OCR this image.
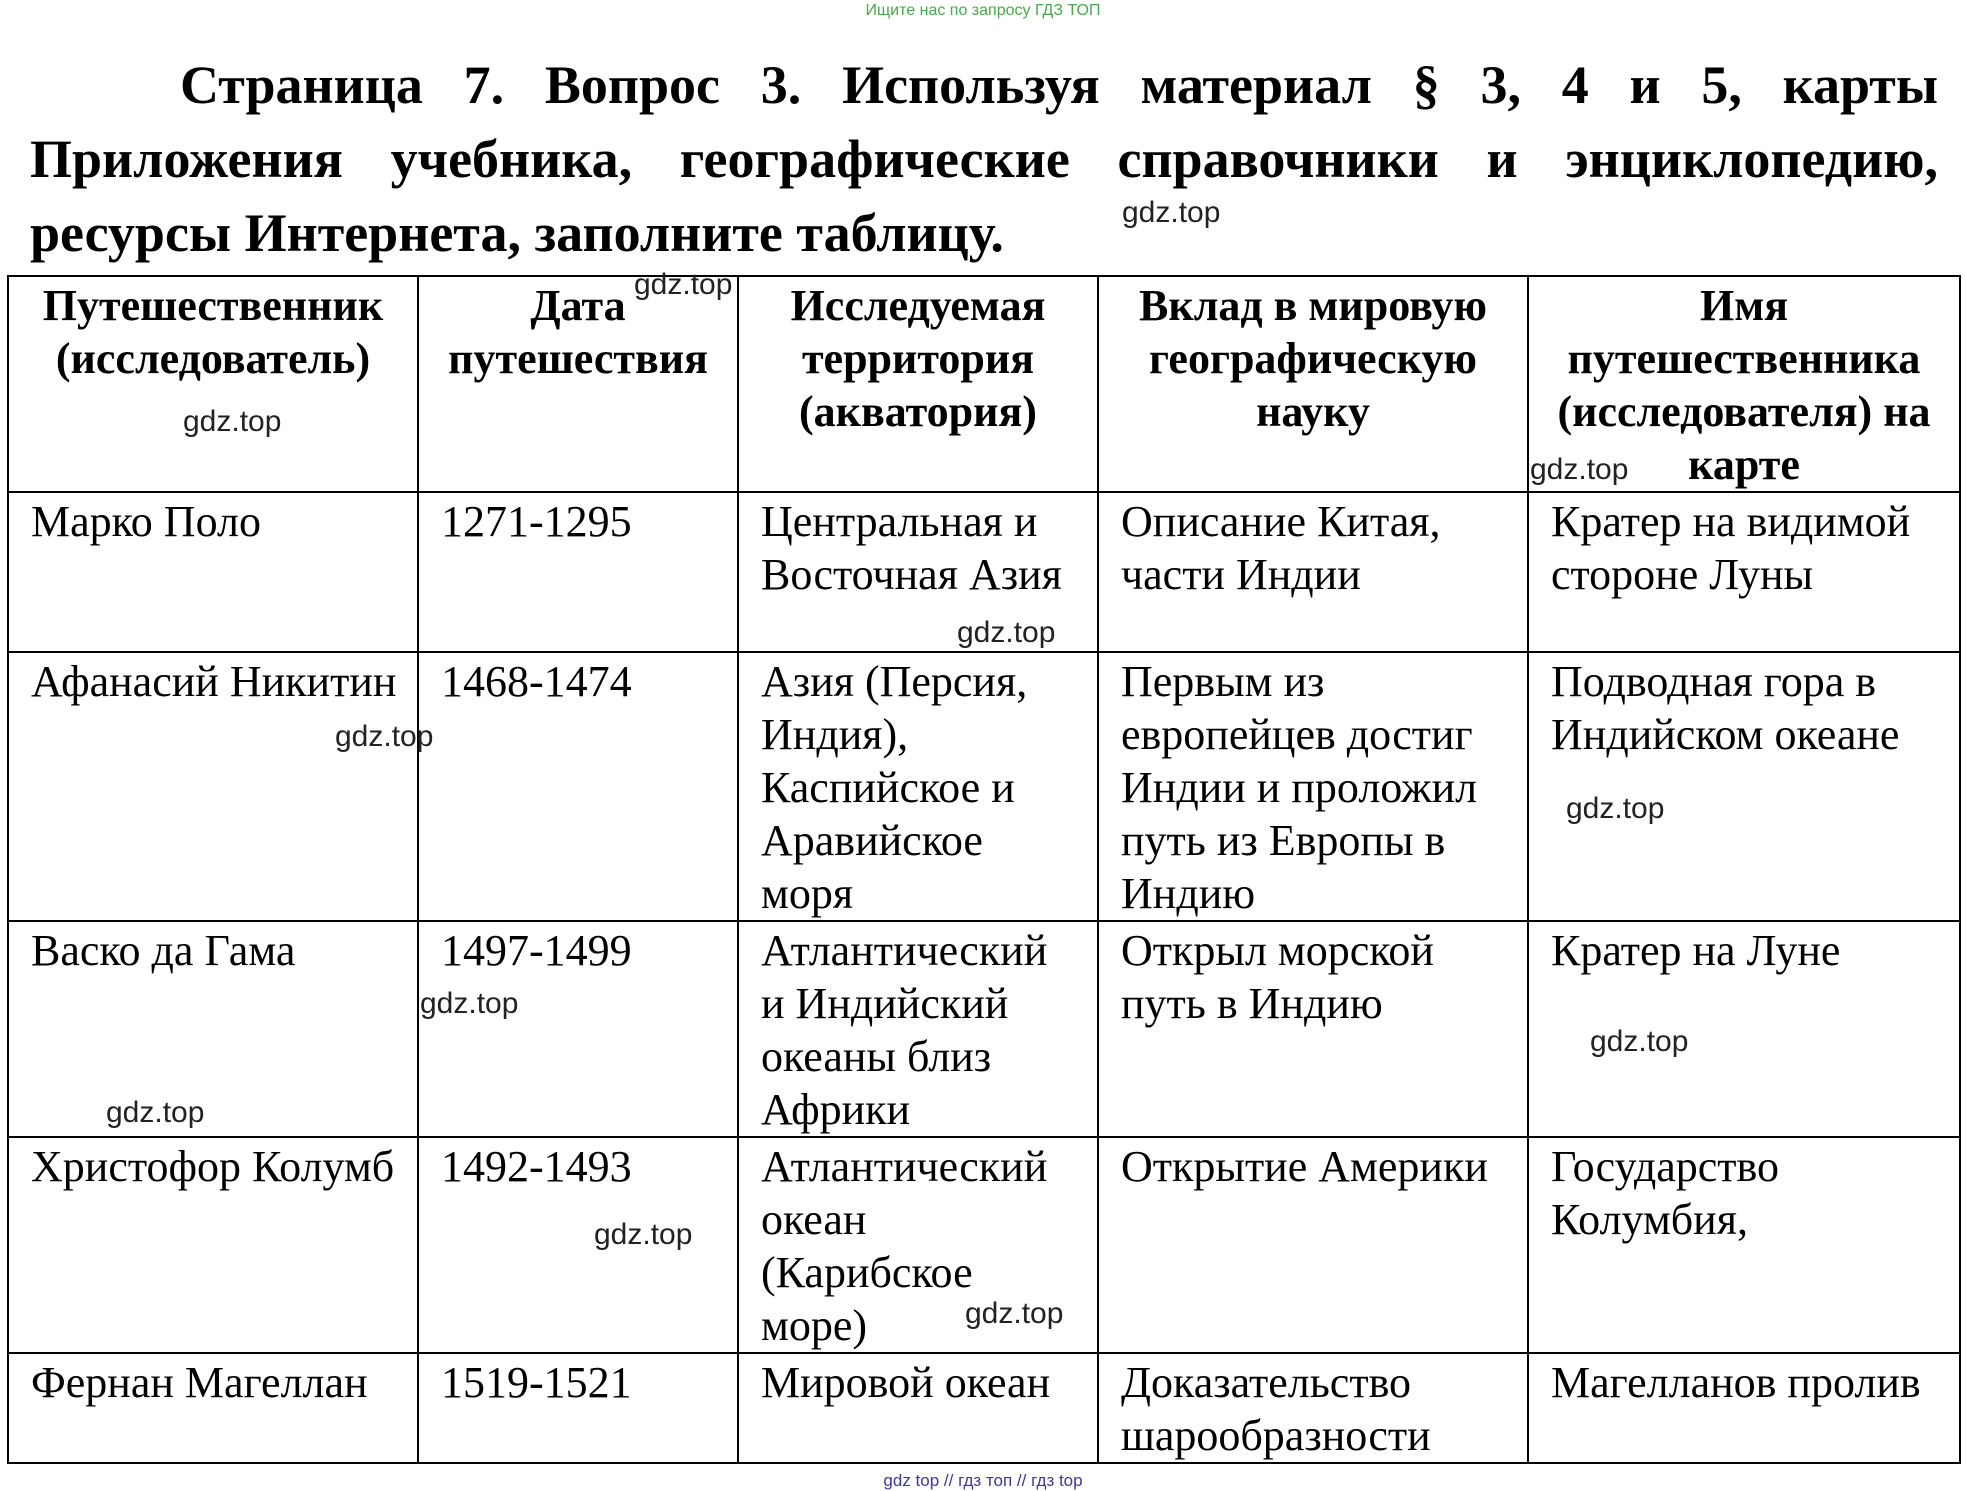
Ищите нас по запросу ГДЗ ТОП
Страница 7. Вопрос 3. Используя материал § 3, 4 и 5, карты Приложения учебника, географические справочники и энциклопедию, ресурсы Интернета, заполните таблицу.
Путешественник (исследователь)	Дата путешествия	Исследуемая территория (акватория)	Вклад в мировую географическую науку	Имя путешественника (исследователя) на карте
Марко Поло	1271-1295	Центральная и Восточная Азия	Описание Китая, части Индии	Кратер на видимой стороне Луны
Афанасий Никитин	1468-1474	Азия (Персия, Индия), Каспийское и Аравийское моря	Первым из европейцев достиг Индии и проложил путь из Европы в Индию	Подводная гора в Индийском океане
Васко да Гама	1497-1499	Атлантический и Индийский океаны близ Африки	Открыл морской путь в Индию	Кратер на Луне
Христофор Колумб	1492-1493	Атлантический океан (Карибское море)	Открытие Америки	Государство Колумбия,
Фернан Магеллан	1519-1521	Мировой океан	Доказательство шарообразности	Магелланов пролив
gdz.top
gdz.top
gdz.top
gdz.top
gdz.top
gdz.top
gdz.top
gdz.top
gdz.top
gdz.top
gdz.top
gdz.top
gdz top // гдз топ // гдз top
